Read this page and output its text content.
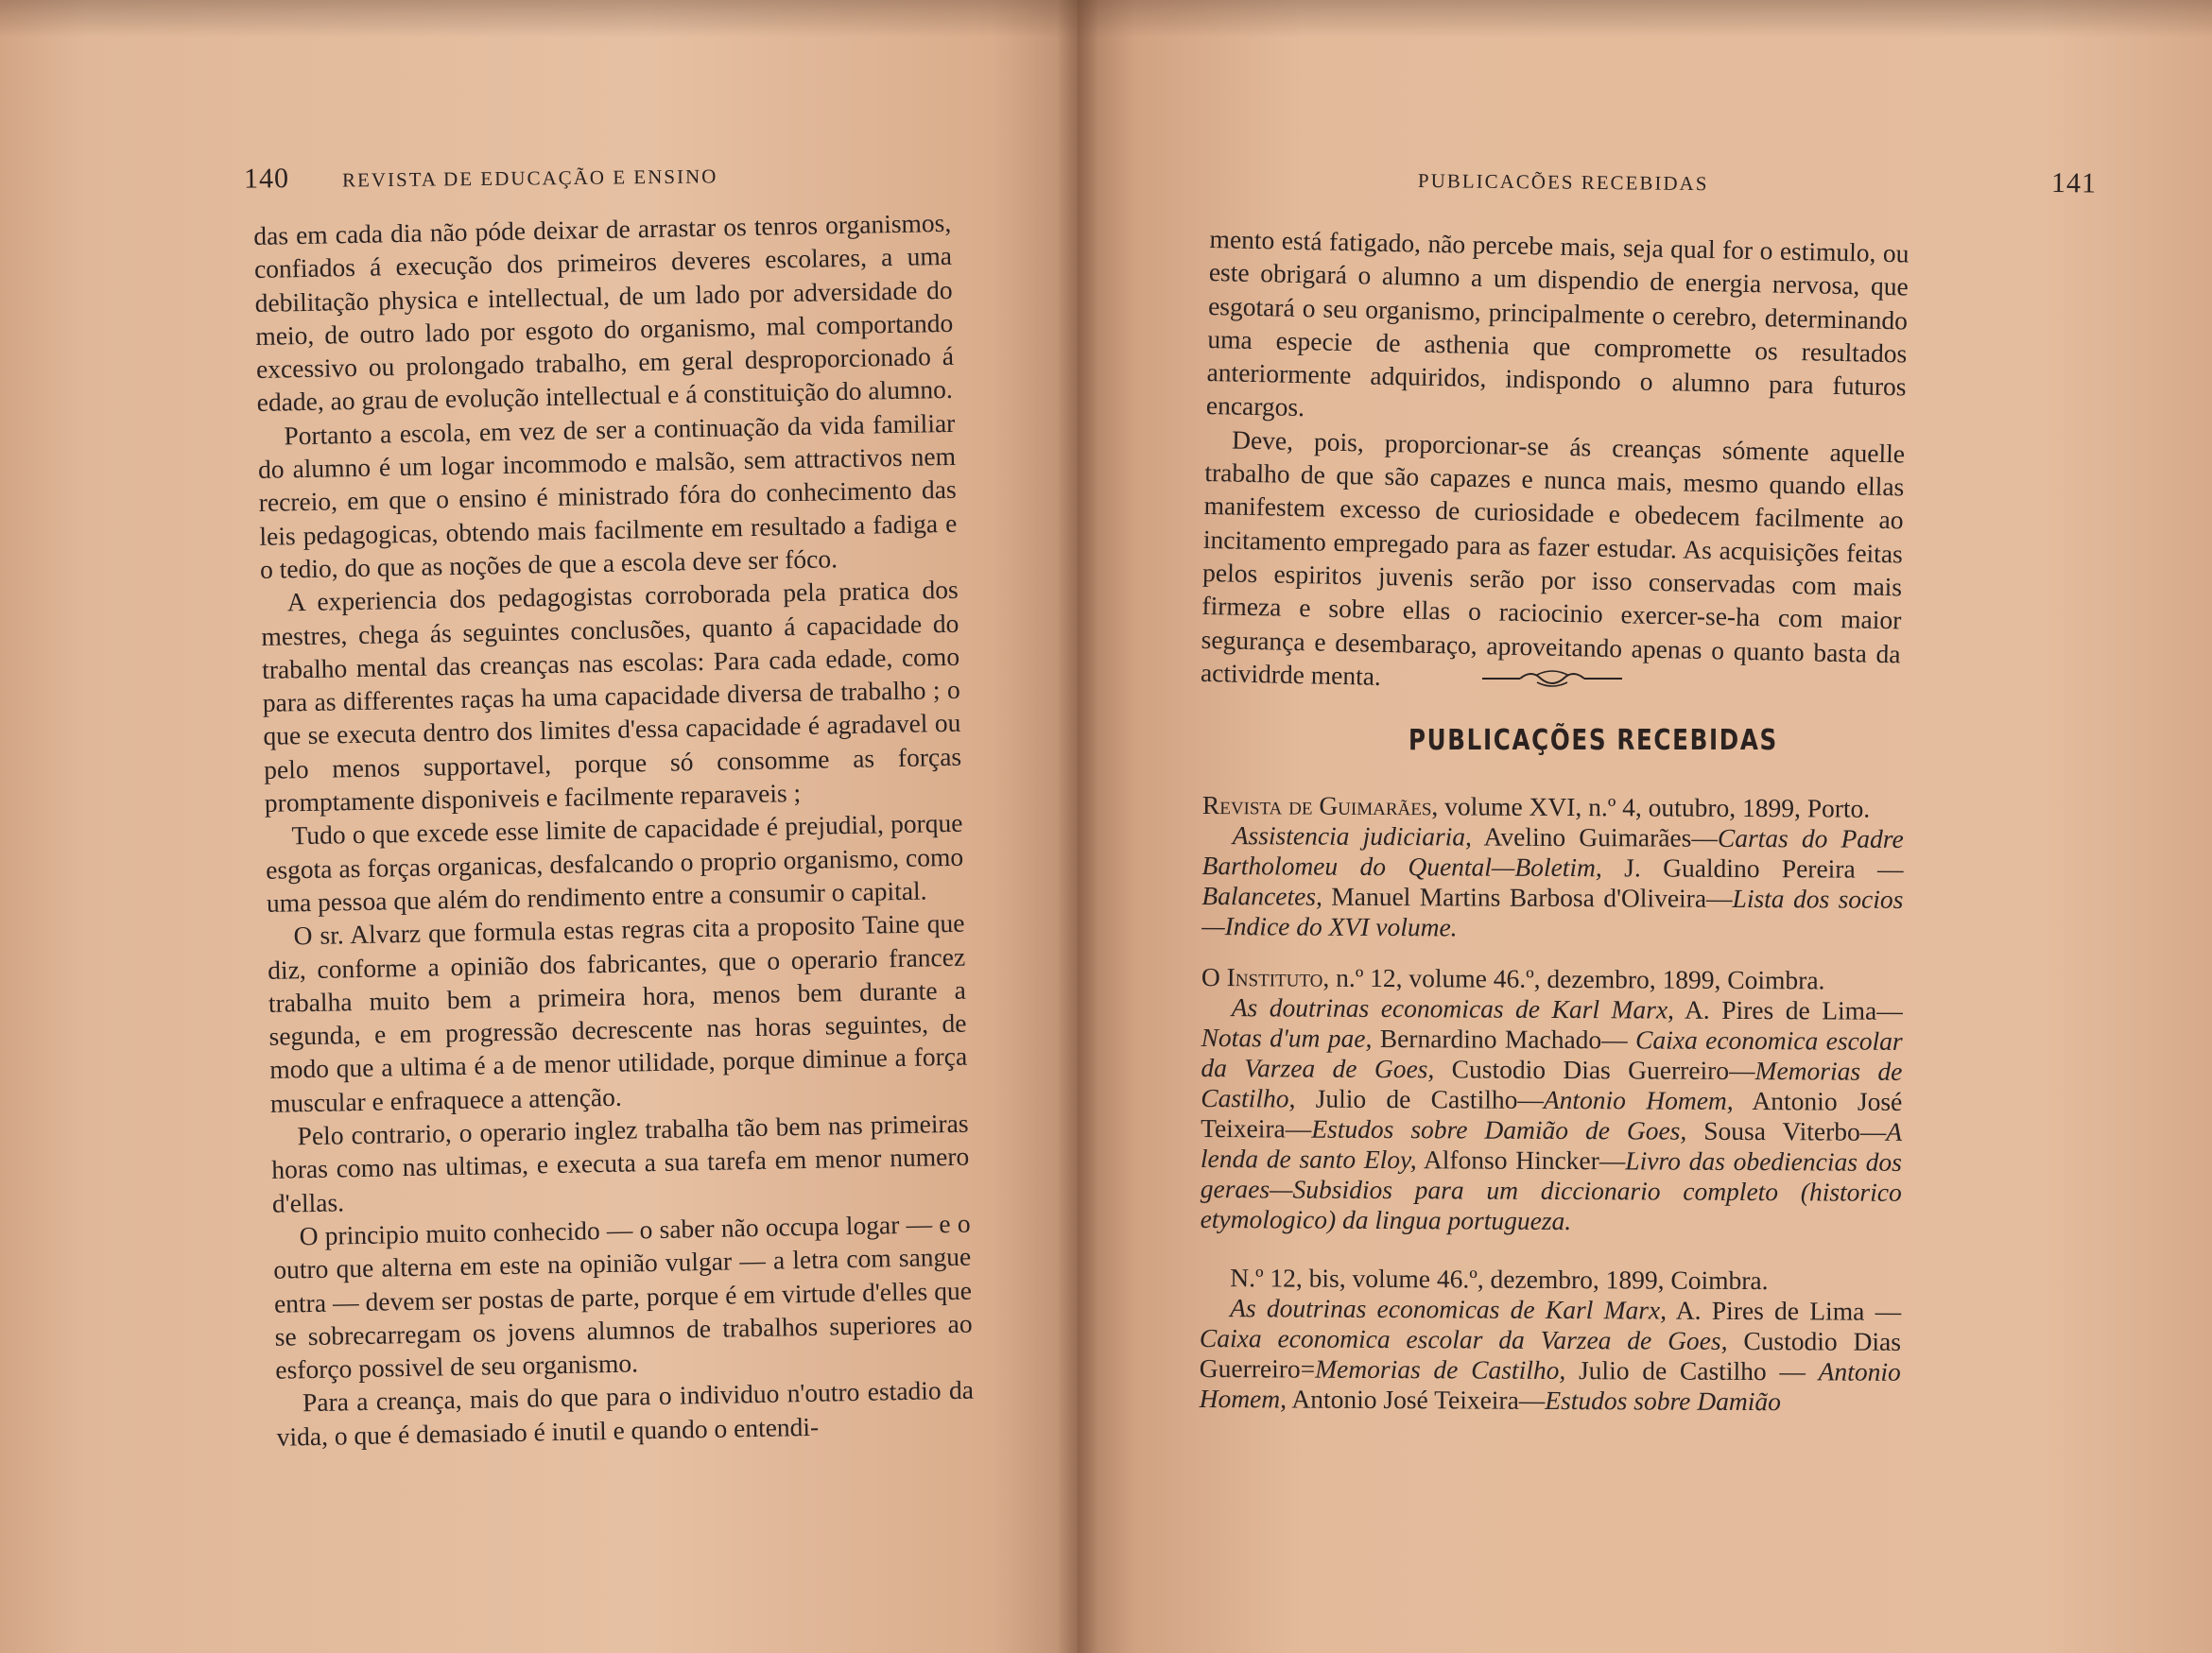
140	REVISTA DE EDUCAÇÃO E ENSINO

das em cada dia não póde deixar de arrastar os tenros organismos, confiados á execução dos primeiros deveres escolares, a uma debilitação physica e intellectual, de um lado por adversidade do meio, de outro lado por esgoto do organismo, mal comportando excessivo ou prolongado trabalho, em geral desproporcionado á edade, ao grau de evolução intellectual e á constituição do alumno.

Portanto a escola, em vez de ser a continuação da vida familiar do alumno é um logar incommodo e malsão, sem attractivos nem recreio, em que o ensino é ministrado fóra do conhecimento das leis pedagogicas, obtendo mais facilmente em resultado a fadiga e o tedio, do que as noções de que a escola deve ser fóco.

A experiencia dos pedagogistas corroborada pela pratica dos mestres, chega ás seguintes conclusões, quanto á capacidade do trabalho mental das creanças nas escolas: Para cada edade, como para as differentes raças ha uma capacidade diversa de trabalho ; o que se executa dentro dos limites d'essa capacidade é agradavel ou pelo menos supportavel, porque só consomme as forças promptamente disponiveis e facilmente reparaveis ;

Tudo o que excede esse limite de capacidade é prejudial, porque esgota as forças organicas, desfalcando o proprio organismo, como uma pessoa que além do rendimento entre a consumir o capital.

O sr. Alvarz que formula estas regras cita a proposito Taine que diz, conforme a opinião dos fabricantes, que o operario francez trabalha muito bem a primeira hora, menos bem durante a segunda, e em progressão decrescente nas horas seguintes, de modo que a ultima é a de menor utilidade, porque diminue a força muscular e enfraquece a attenção.

Pelo contrario, o operario inglez trabalha tão bem nas primeiras horas como nas ultimas, e executa a sua tarefa em menor numero d'ellas.

O principio muito conhecido — o saber não occupa logar — e o outro que alterna em este na opinião vulgar — a letra com sangue entra — devem ser postas de parte, porque é em virtude d'elles que se sobrecarregam os jovens alumnos de trabalhos superiores ao esforço possivel de seu organismo.

Para a creança, mais do que para o individuo n'outro estadio da vida, o que é demasiado é inutil e quando o entendi-

PUBLICACÕES RECEBIDAS	141

mento está fatigado, não percebe mais, seja qual for o estimulo, ou este obrigará o alumno a um dispendio de energia nervosa, que esgotará o seu organismo, principalmente o cerebro, determinando uma especie de asthenia que compromette os resultados anteriormente adquiridos, indispondo o alumno para futuros encargos.

Deve, pois, proporcionar-se ás creanças sómente aquelle trabalho de que são capazes e nunca mais, mesmo quando ellas manifestem excesso de curiosidade e obedecem facilmente ao incitamento empregado para as fazer estudar. As acquisições feitas pelos espiritos juvenis serão por isso conservadas com mais firmeza e sobre ellas o raciocinio exercer-se-ha com maior segurança e desembaraço, aproveitando apenas o quanto basta da actividrde menta.

PUBLICAÇÕES RECEBIDAS

Revista de Guimarães, volume XVI, n.º 4, outubro, 1899, Porto.
Assistencia judiciaria, Avelino Guimarães—Cartas do Padre Bartholomeu do Quental—Boletim, J. Gualdino Pereira —Balancetes, Manuel Martins Barbosa d'Oliveira—Lista dos socios—Indice do XVI volume.

O Instituto, n.º 12, volume 46.º, dezembro, 1899, Coimbra.
As doutrinas economicas de Karl Marx, A. Pires de Lima—Notas d'um pae, Bernardino Machado— Caixa economica escolar da Varzea de Goes, Custodio Dias Guerreiro—Memorias de Castilho, Julio de Castilho—Antonio Homem, Antonio José Teixeira—Estudos sobre Damião de Goes, Sousa Viterbo—A lenda de santo Eloy, Alfonso Hincker—Livro das obediencias dos geraes—Subsidios para um diccionario completo (historico etymologico) da lingua portugueza.

N.º 12, bis, volume 46.º, dezembro, 1899, Coimbra.
As doutrinas economicas de Karl Marx, A. Pires de Lima —Caixa economica escolar da Varzea de Goes, Custodio Dias Guerreiro=Memorias de Castilho, Julio de Castilho — Antonio Homem, Antonio José Teixeira—Estudos sobre Damião
